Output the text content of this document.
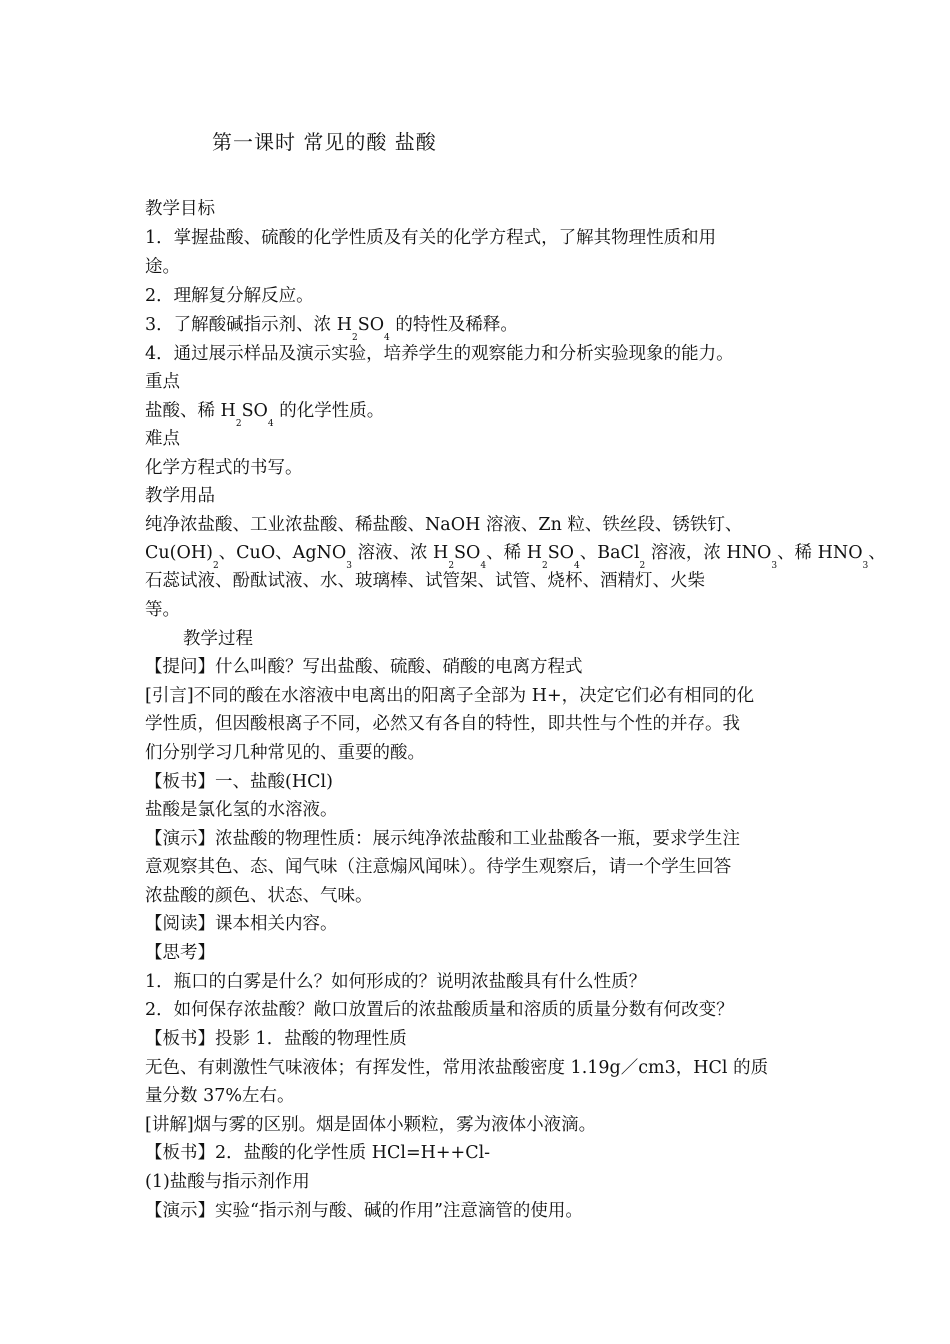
第一课时 常见的酸 盐酸
教学目标
1．掌握盐酸、硫酸的化学性质及有关的化学方程式，了解其物理性质和用
途。
2．理解复分解反应。
3．了解酸碱指示剂、浓 $H_2SO_4$ 的特性及稀释。
4．通过展示样品及演示实验，培养学生的观察能力和分析实验现象的能力。
重点
盐酸、稀 $H_2SO_4$ 的化学性质。
难点
化学方程式的书写。
教学用品
纯净浓盐酸、工业浓盐酸、稀盐酸、NaOH 溶液、Zn 粒、铁丝段、锈铁钉、
$Cu(OH)_2$、CuO、AgNO$_3$ 溶液、浓 $H_2SO_4$、稀 $H_2SO_4$、BaCl$_2$ 溶液，浓 $HNO_3$、稀 $HNO_3$、
石蕊试液、酚酞试液、水、玻璃棒、试管架、试管、烧杯、酒精灯、火柴
等。
教学过程
【提问】什么叫酸？写出盐酸、硫酸、硝酸的电离方程式
[引言]不同的酸在水溶液中电离出的阳离子全部为 H+，决定它们必有相同的化
学性质，但因酸根离子不同，必然又有各自的特性，即共性与个性的并存。我
们分别学习几种常见的、重要的酸。
【板书】一、盐酸(HCl)
盐酸是氯化氢的水溶液。
【演示】浓盐酸的物理性质：展示纯净浓盐酸和工业盐酸各一瓶，要求学生注
意观察其色、态、闻气味（注意煽风闻味）。待学生观察后，请一个学生回答
浓盐酸的颜色、状态、气味。
【阅读】课本相关内容。
【思考】
1．瓶口的白雾是什么？如何形成的？说明浓盐酸具有什么性质？
2．如何保存浓盐酸？敞口放置后的浓盐酸质量和溶质的质量分数有何改变？
【板书】投影 1．盐酸的物理性质
无色、有刺激性气味液体；有挥发性，常用浓盐酸密度 1.19g／cm3，HCl 的质
量分数 37%左右。
[讲解]烟与雾的区别。烟是固体小颗粒，雾为液体小液滴。
【板书】2．盐酸的化学性质 HCl=H++Cl-
(1)盐酸与指示剂作用
【演示】实验“指示剂与酸、碱的作用”注意滴管的使用。
